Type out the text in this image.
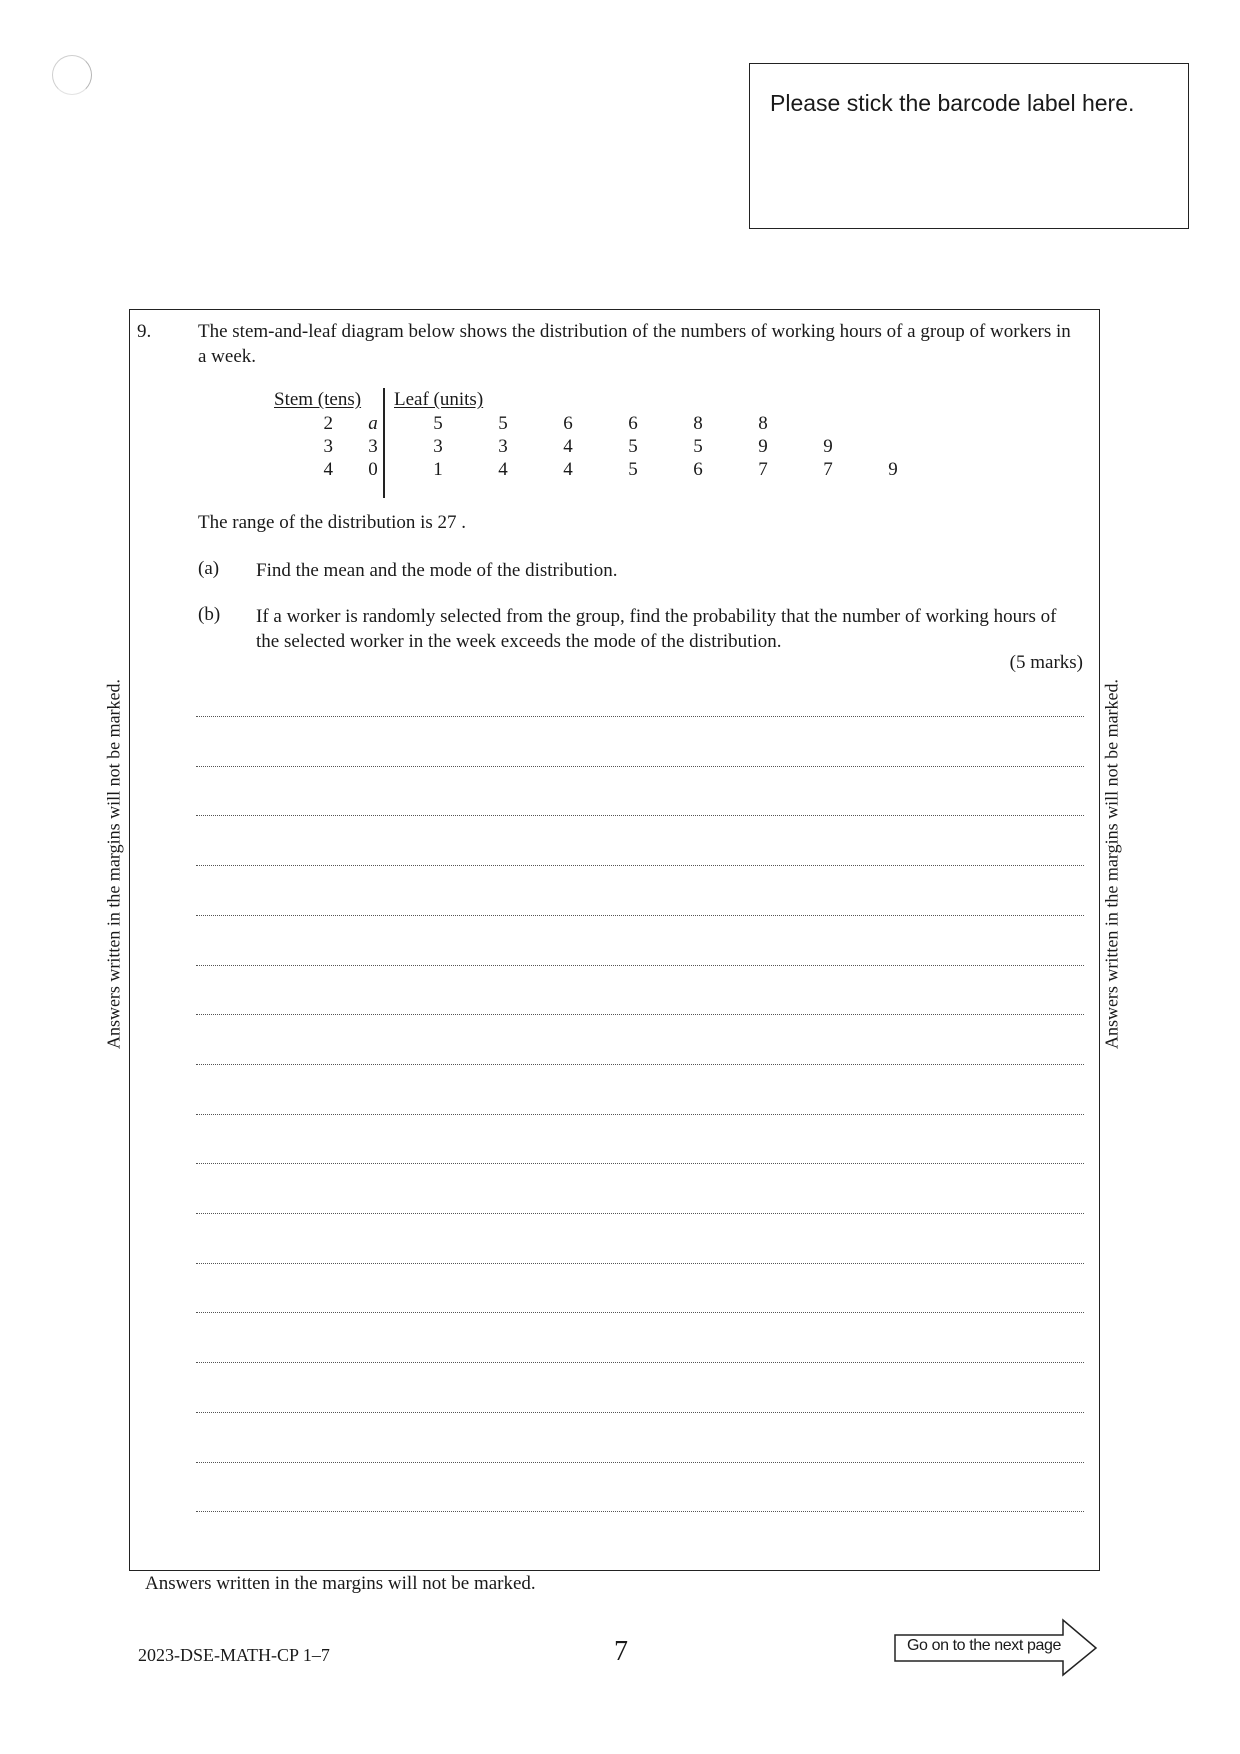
Please stick the barcode label here.
Answers written in the margins will not be marked.	Answers written in the margins will not be marked.
9. The stem-and-leaf diagram below shows the distribution of the numbers of working hours of a group of workers in a week.
Stem (tens) Leaf (units)
2	a	5	5	6	6	8	8
3	3	3	3	4	5	5	9	9
4	0	1	4	4	5	6	7	7	9
The range of the distribution is 27 .
(a) Find the mean and the mode of the distribution.
(b) If a worker is randomly selected from the group, find the probability that the number of working hours of the selected worker in the week exceeds the mode of the distribution.
(5 marks)
Answers written in the margins will not be marked.
2023-DSE-MATH-CP 1–7	7	Go on to the next page
